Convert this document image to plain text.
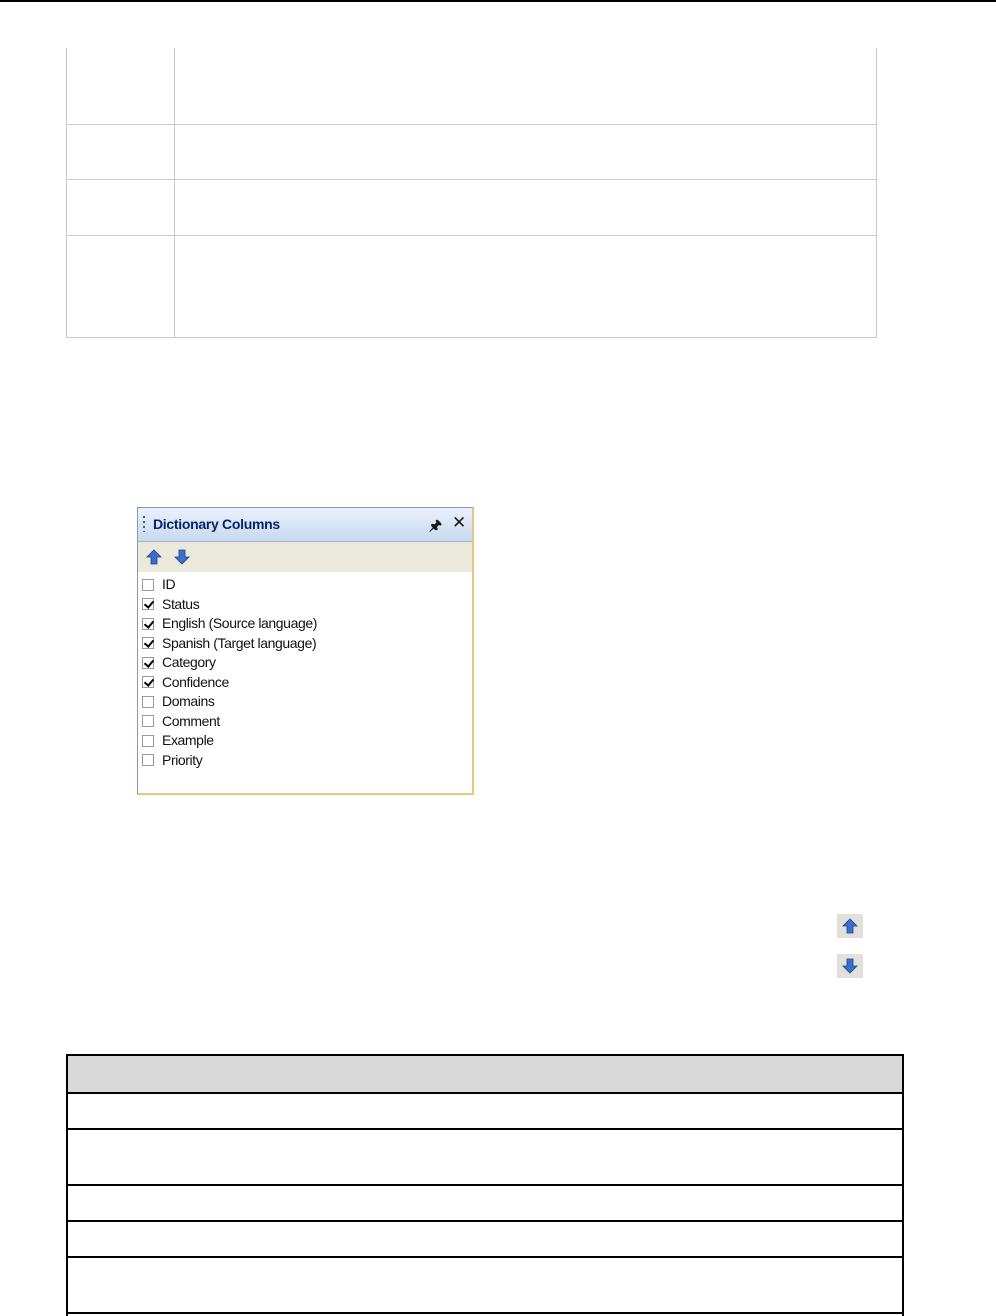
Dictionary Columns	🖈 ✕
ID
Status
English (Source language)
Spanish (Target language)
Category
Confidence
Domains
Comment
Example
Priority
